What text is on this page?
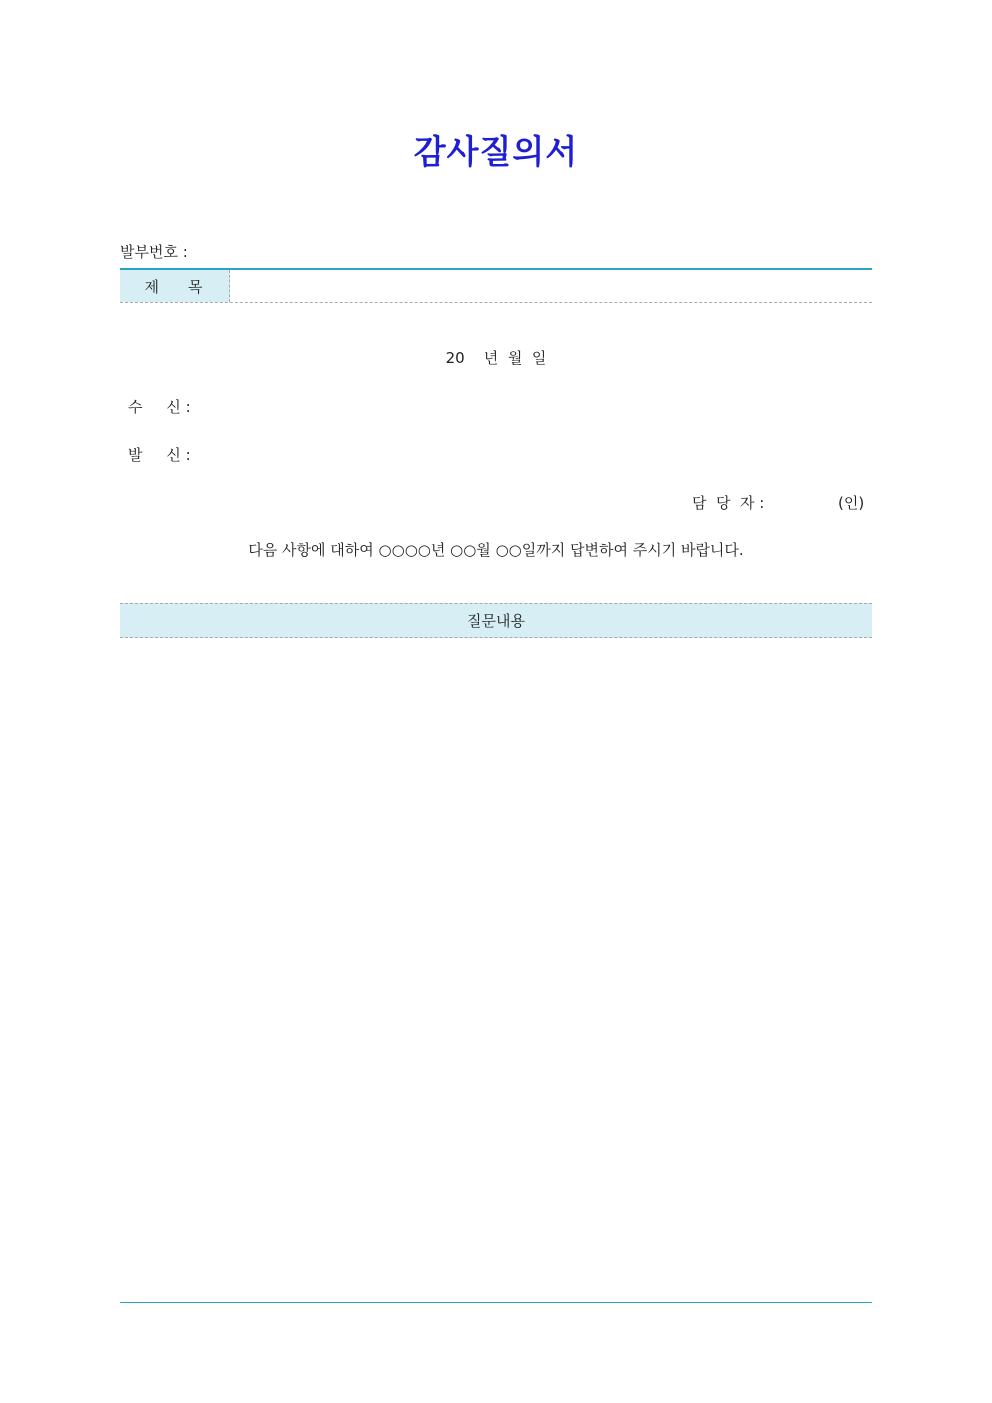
감사질의서
발부번호 :
제    목
20    년  월  일
수     신 :
발     신 :
담  당  자 :	(인)
다음 사항에 대하여 ○○○○년 ○○월 ○○일까지 답변하여 주시기 바랍니다.
질문내용
